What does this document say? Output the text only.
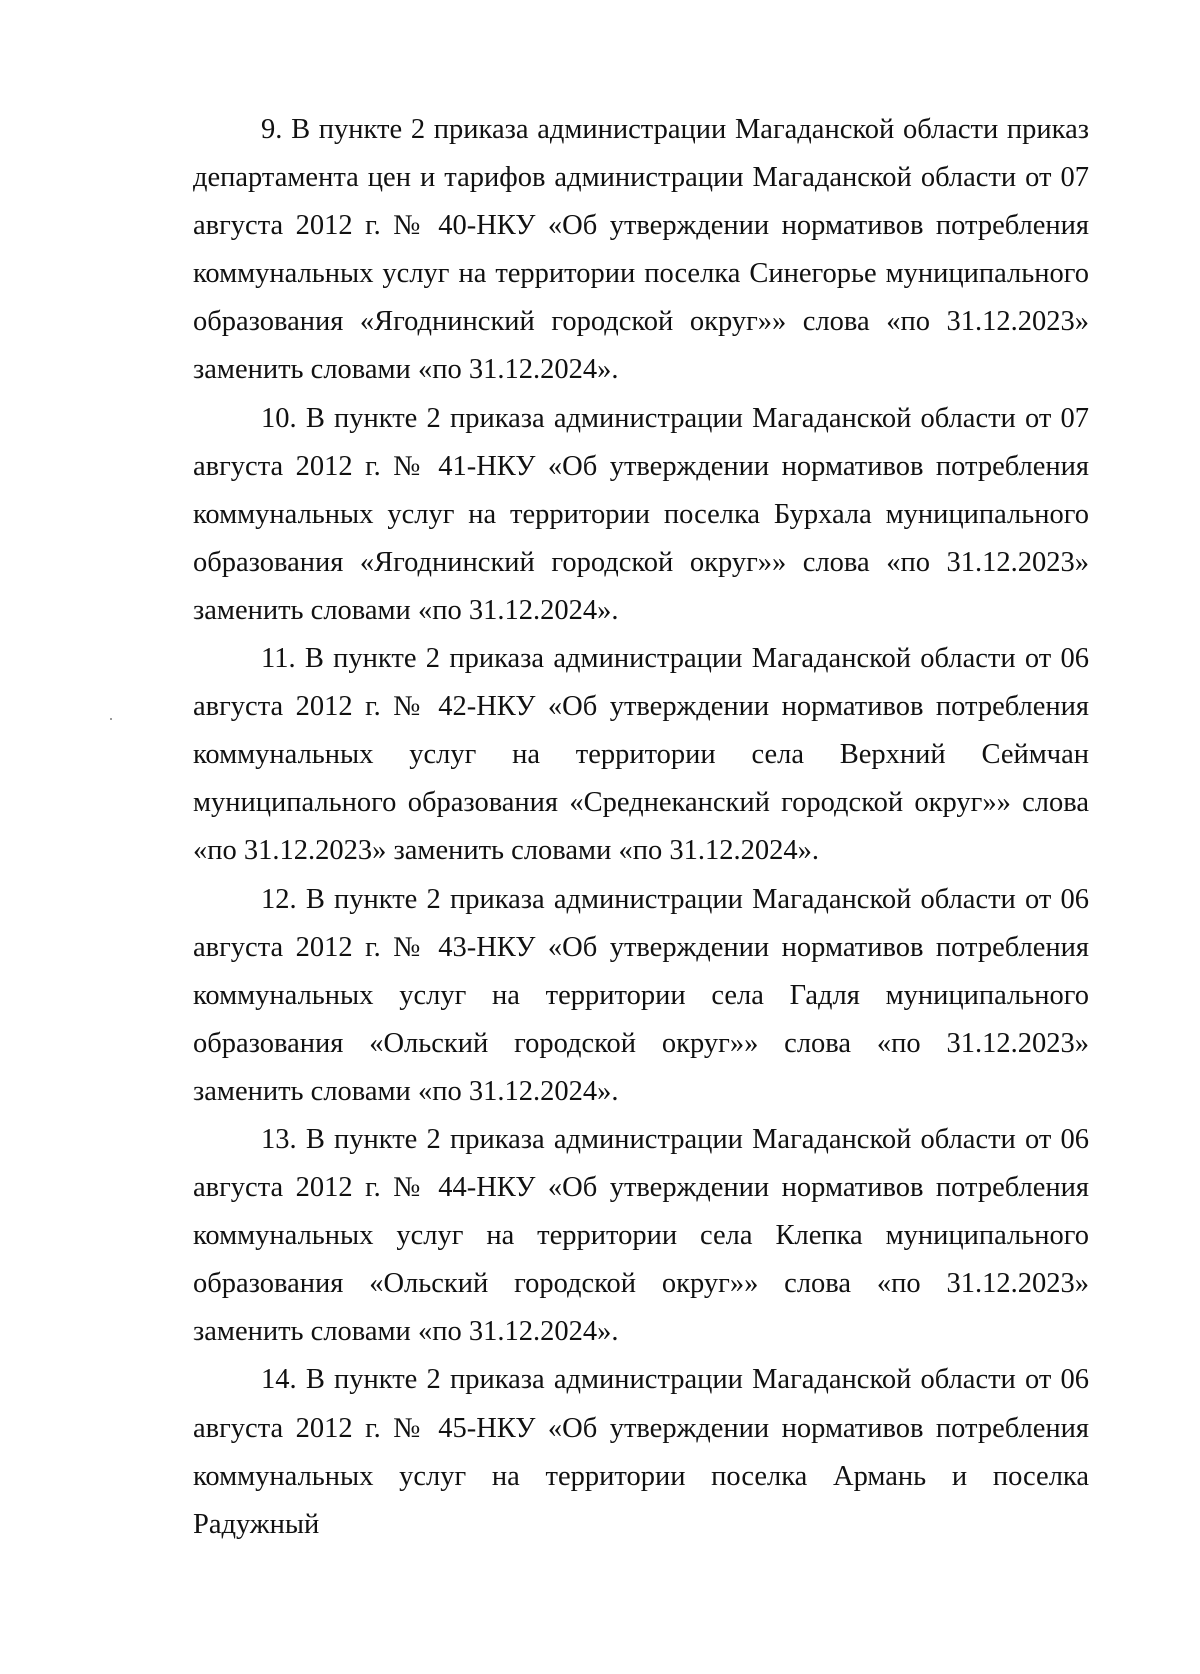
9. В пункте 2 приказа администрации Магаданской области приказ департамента цен и тарифов администрации Магаданской области от 07 августа 2012 г. № 40-НКУ «Об утверждении нормативов потребления коммунальных услуг на территории поселка Синегорье муниципального образования «Ягоднинский городской округ»» слова «по 31.12.2023» заменить словами «по 31.12.2024».

10. В пункте 2 приказа администрации Магаданской области от 07 августа 2012 г. № 41-НКУ «Об утверждении нормативов потребления коммунальных услуг на территории поселка Бурхала муниципального образования «Ягоднинский городской округ»» слова «по 31.12.2023» заменить словами «по 31.12.2024».

11. В пункте 2 приказа администрации Магаданской области от 06 августа 2012 г. № 42-НКУ «Об утверждении нормативов потребления коммунальных услуг на территории села Верхний Сеймчан муниципального образования «Среднеканский городской округ»» слова «по 31.12.2023» заменить словами «по 31.12.2024».

12. В пункте 2 приказа администрации Магаданской области от 06 августа 2012 г. № 43-НКУ «Об утверждении нормативов потребления коммунальных услуг на территории села Гадля муниципального образования «Ольский городской округ»» слова «по 31.12.2023» заменить словами «по 31.12.2024».

13. В пункте 2 приказа администрации Магаданской области от 06 августа 2012 г. № 44-НКУ «Об утверждении нормативов потребления коммунальных услуг на территории села Клепка муниципального образования «Ольский городской округ»» слова «по 31.12.2023» заменить словами «по 31.12.2024».

14. В пункте 2 приказа администрации Магаданской области от 06 августа 2012 г. № 45-НКУ «Об утверждении нормативов потребления коммунальных услуг на территории поселка Армань и поселка Радужный
